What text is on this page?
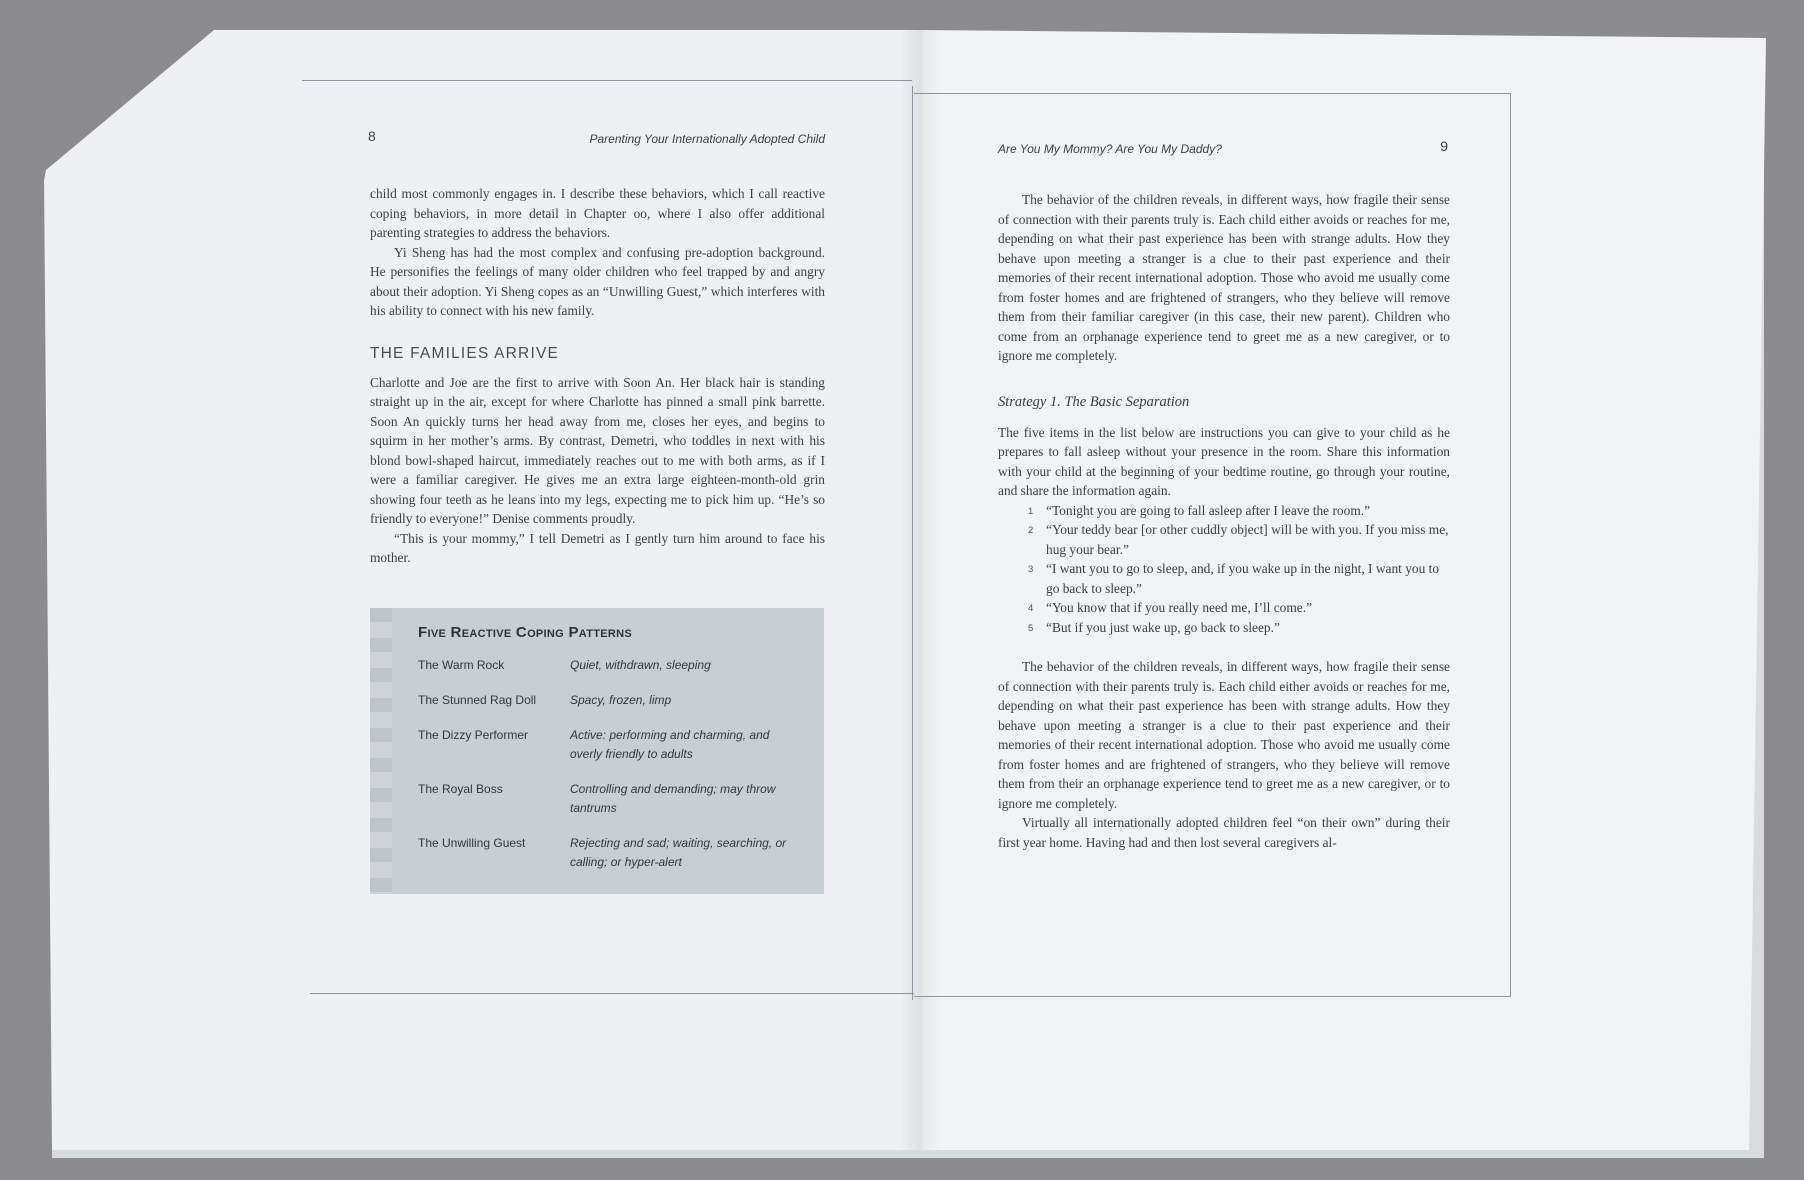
8	Parenting Your Internationally Adopted Child

child most commonly engages in. I describe these behaviors, which I call reactive coping behaviors, in more detail in Chapter oo, where I also offer additional parenting strategies to address the behaviors.

Yi Sheng has had the most complex and confusing pre-adoption background. He personifies the feelings of many older children who feel trapped by and angry about their adoption. Yi Sheng copes as an “Unwilling Guest,” which interferes with his ability to connect with his new family.

THE FAMILIES ARRIVE

Charlotte and Joe are the first to arrive with Soon An. Her black hair is standing straight up in the air, except for where Charlotte has pinned a small pink barrette. Soon An quickly turns her head away from me, closes her eyes, and begins to squirm in her mother’s arms. By contrast, Demetri, who toddles in next with his blond bowl-shaped haircut, immediately reaches out to me with both arms, as if I were a familiar caregiver. He gives me an extra large eighteen-month-old grin showing four teeth as he leans into my legs, expecting me to pick him up. “He’s so friendly to everyone!” Denise comments proudly.

“This is your mommy,” I tell Demetri as I gently turn him around to face his mother.

Five Reactive Coping Patterns
The Warm Rock	Quiet, withdrawn, sleeping
The Stunned Rag Doll	Spacy, frozen, limp
The Dizzy Performer	Active: performing and charming, and overly friendly to adults
The Royal Boss	Controlling and demanding; may throw tantrums
The Unwilling Guest	Rejecting and sad; waiting, searching, or calling; or hyper-alert
Are You My Mommy? Are You My Daddy?	9

The behavior of the children reveals, in different ways, how fragile their sense of connection with their parents truly is. Each child either avoids or reaches for me, depending on what their past experience has been with strange adults. How they behave upon meeting a stranger is a clue to their past experience and their memories of their recent international adoption. Those who avoid me usually come from foster homes and are frightened of strangers, who they believe will remove them from their familiar caregiver (in this case, their new parent). Children who come from an orphanage experience tend to greet me as a new caregiver, or to ignore me completely.

Strategy 1. The Basic Separation

The five items in the list below are instructions you can give to your child as he prepares to fall asleep without your presence in the room. Share this information with your child at the beginning of your bedtime routine, go through your routine, and share the information again.

1 “Tonight you are going to fall asleep after I leave the room.”
2 “Your teddy bear [or other cuddly object] will be with you. If you miss me, hug your bear.”
3 “I want you to go to sleep, and, if you wake up in the night, I want you to go back to sleep.”
4 “You know that if you really need me, I’ll come.”
5 “But if you just wake up, go back to sleep.”

The behavior of the children reveals, in different ways, how fragile their sense of connection with their parents truly is. Each child either avoids or reaches for me, depending on what their past experience has been with strange adults. How they behave upon meeting a stranger is a clue to their past experience and their memories of their recent international adoption. Those who avoid me usually come from foster homes and are frightened of strangers, who they believe will remove them from their an orphanage experience tend to greet me as a new caregiver, or to ignore me completely.

Virtually all internationally adopted children feel “on their own” during their first year home. Having had and then lost several caregivers al-
